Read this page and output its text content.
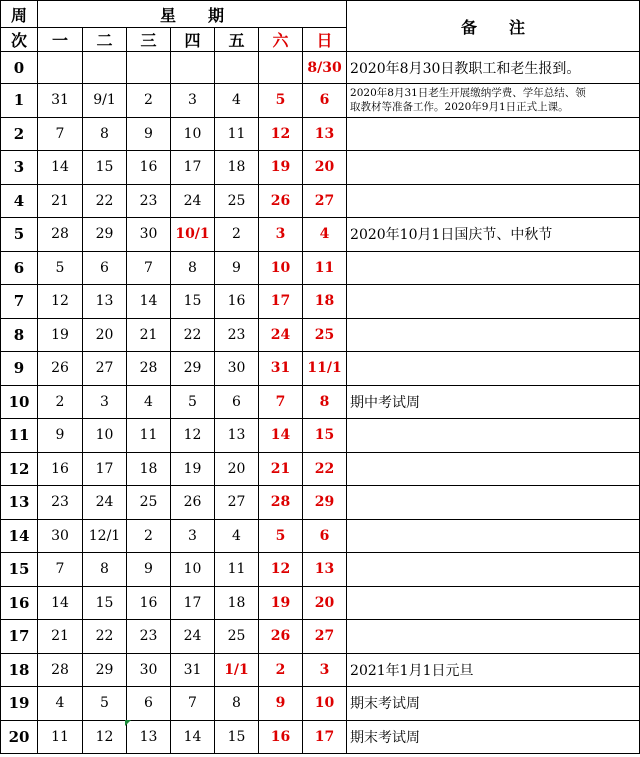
周	星　　期							备　　注
次	一	二	三	四	五	六	日	
0							8/30	2020年8月30日教职工和老生报到。
1	31	9/1	2	3	4	5	6	2020年8月31日老生开展缴纳学费、学年总结、领
取教材等准备工作。2020年9月1日正式上课。

2	7	8	9	10	11	12	13	
3	14	15	16	17	18	19	20	
4	21	22	23	24	25	26	27	
5	28	29	30	10/1	2	3	4	2020年10月1日国庆节、中秋节
6	5	6	7	8	9	10	11	
7	12	13	14	15	16	17	18	
8	19	20	21	22	23	24	25	
9	26	27	28	29	30	31	11/1	
10	2	3	4	5	6	7	8	期中考试周
11	9	10	11	12	13	14	15	
12	16	17	18	19	20	21	22	
13	23	24	25	26	27	28	29	
14	30	12/1	2	3	4	5	6	
15	7	8	9	10	11	12	13	
16	14	15	16	17	18	19	20	
17	21	22	23	24	25	26	27	
18	28	29	30	31	1/1	2	3	2021年1月1日元旦
19	4	5	6	7	8	9	10	期末考试周
20	11	12	13	14	15	16	17	期末考试周
